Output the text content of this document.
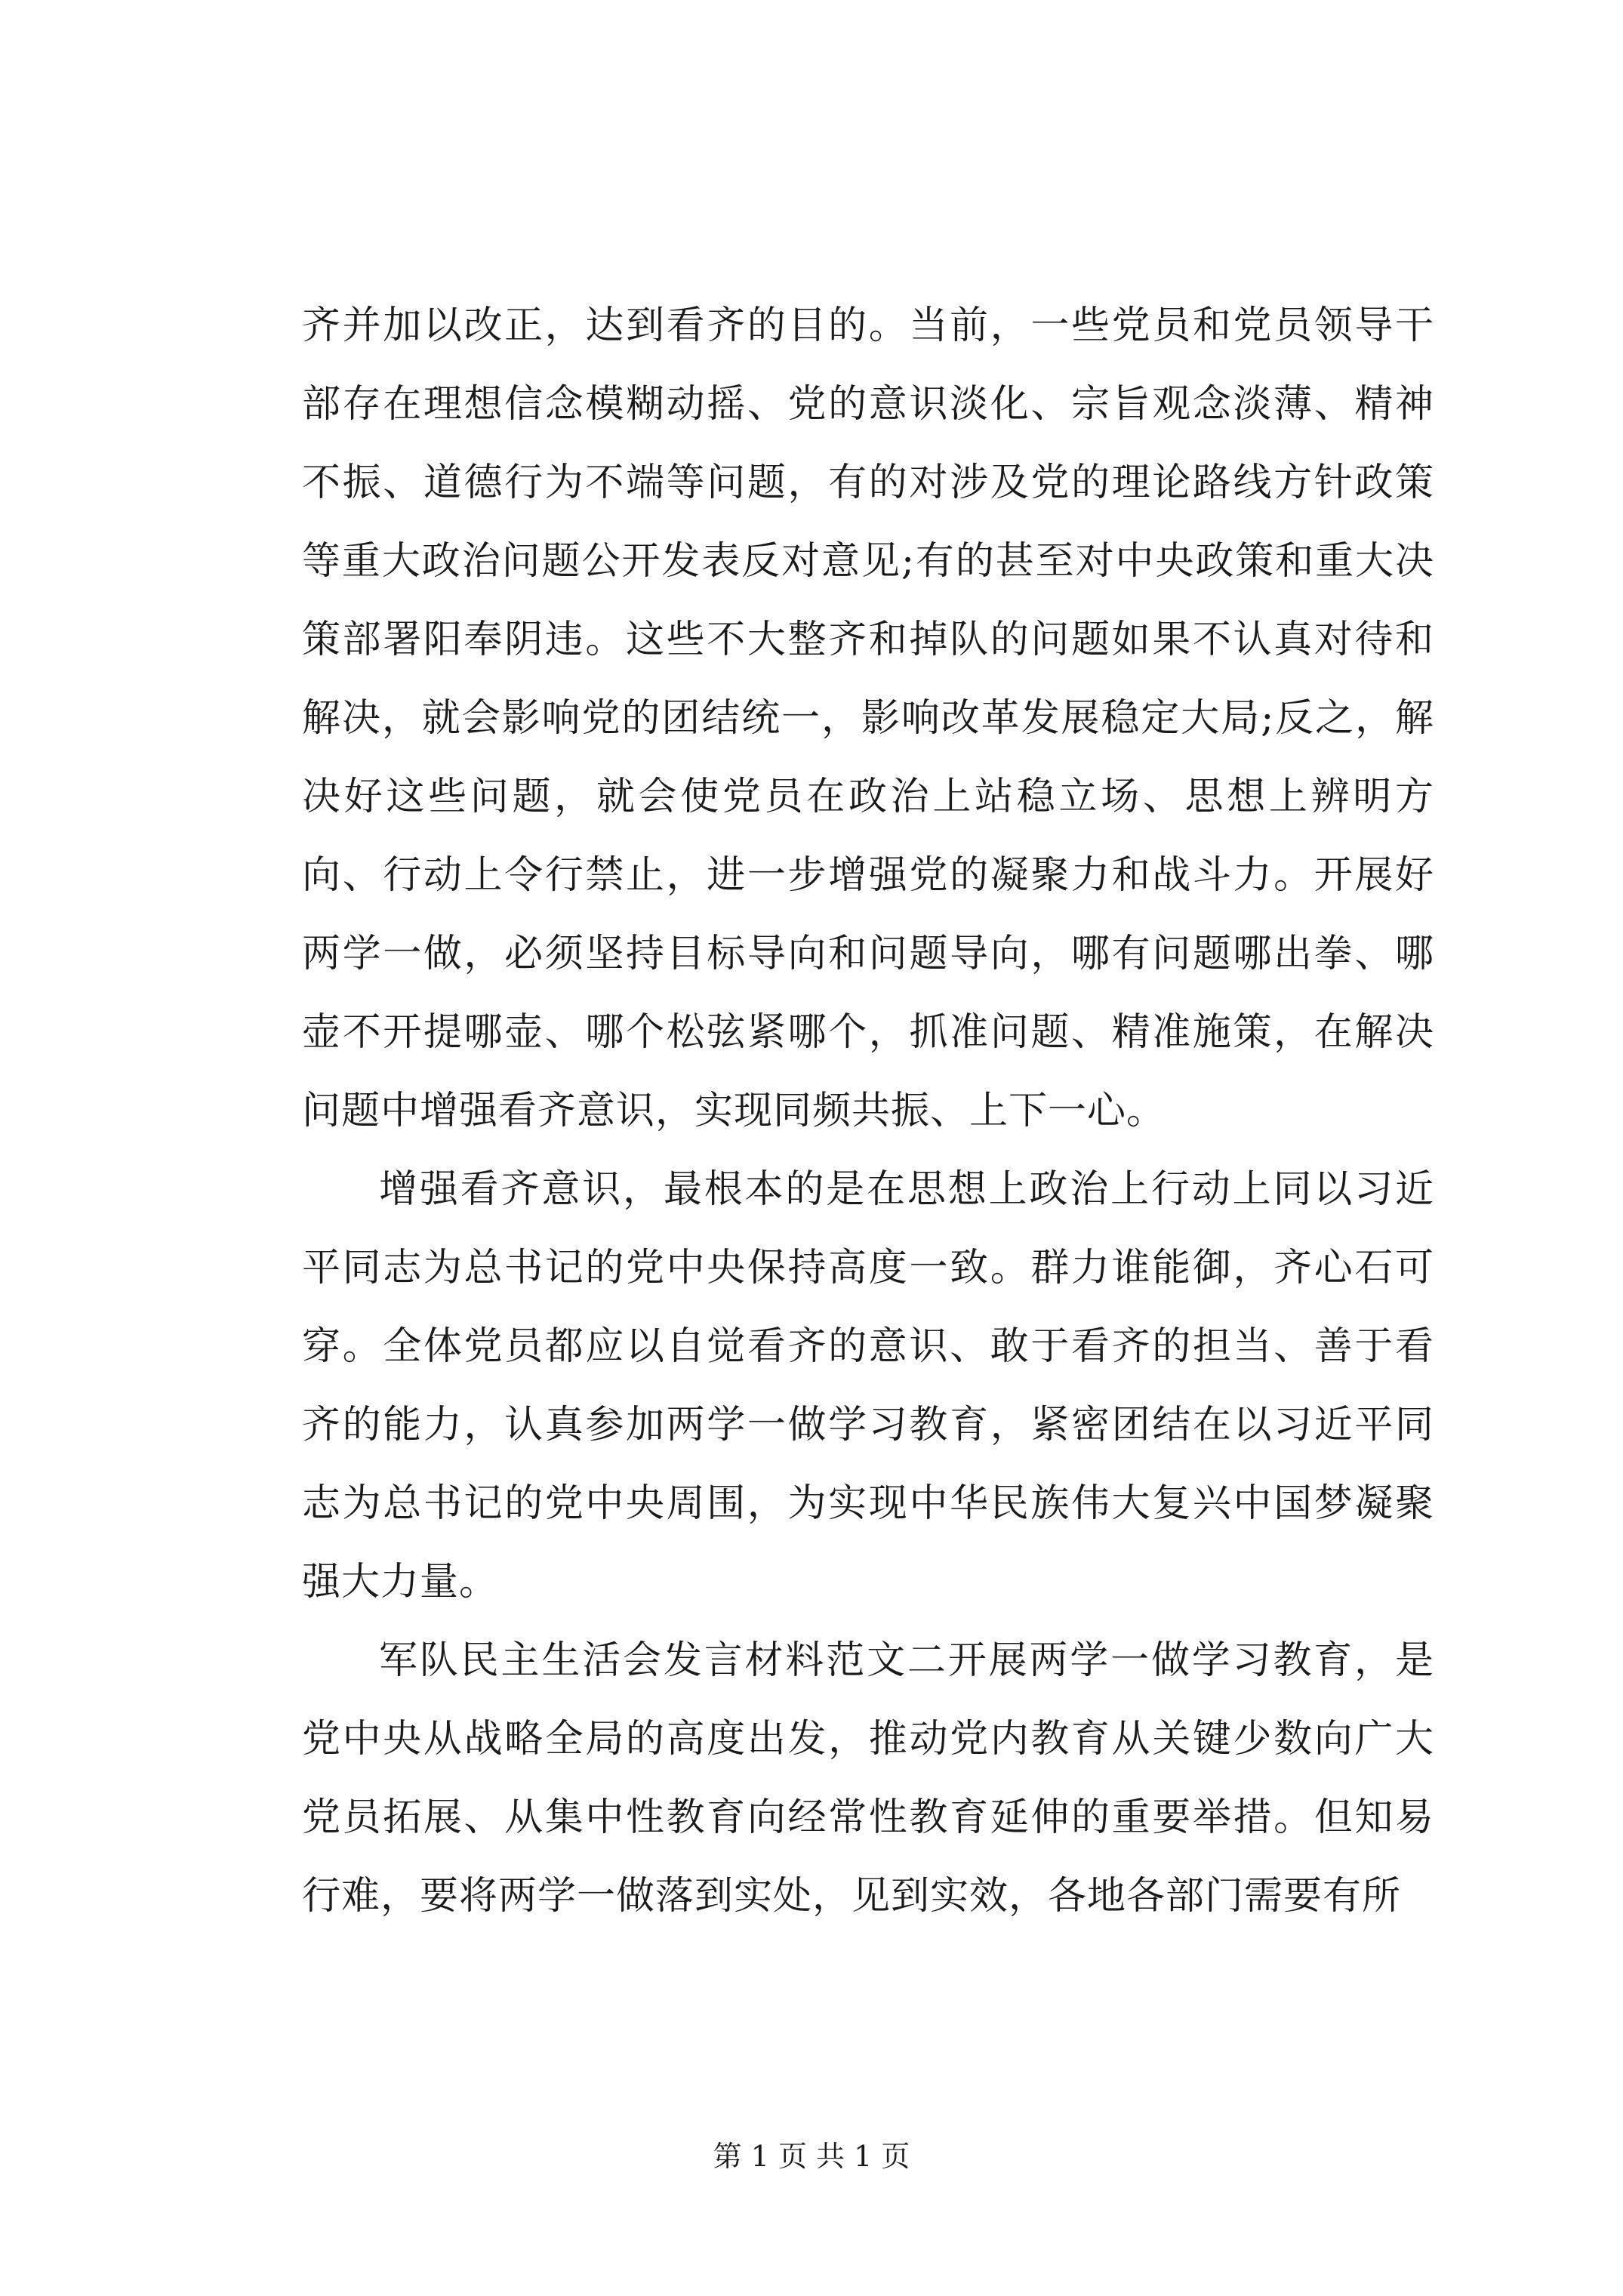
齐并加以改正，达到看齐的目的。当前，一些党员和党员领导干部存在理想信念模糊动摇、党的意识淡化、宗旨观念淡薄、精神不振、道德行为不端等问题，有的对涉及党的理论路线方针政策等重大政治问题公开发表反对意见;有的甚至对中央政策和重大决策部署阳奉阴违。这些不大整齐和掉队的问题如果不认真对待和解决，就会影响党的团结统一，影响改革发展稳定大局;反之，解决好这些问题，就会使党员在政治上站稳立场、思想上辨明方向、行动上令行禁止，进一步增强党的凝聚力和战斗力。开展好两学一做，必须坚持目标导向和问题导向，哪有问题哪出拳、哪壶不开提哪壶、哪个松弦紧哪个，抓准问题、精准施策，在解决问题中增强看齐意识，实现同频共振、上下一心。

增强看齐意识，最根本的是在思想上政治上行动上同以习近平同志为总书记的党中央保持高度一致。群力谁能御，齐心石可穿。全体党员都应以自觉看齐的意识、敢于看齐的担当、善于看齐的能力，认真参加两学一做学习教育，紧密团结在以习近平同志为总书记的党中央周围，为实现中华民族伟大复兴中国梦凝聚强大力量。

军队民主生活会发言材料范文二开展两学一做学习教育，是党中央从战略全局的高度出发，推动党内教育从关键少数向广大党员拓展、从集中性教育向经常性教育延伸的重要举措。但知易行难，要将两学一做落到实处，见到实效，各地各部门需要有所

第 1 页 共 1 页
